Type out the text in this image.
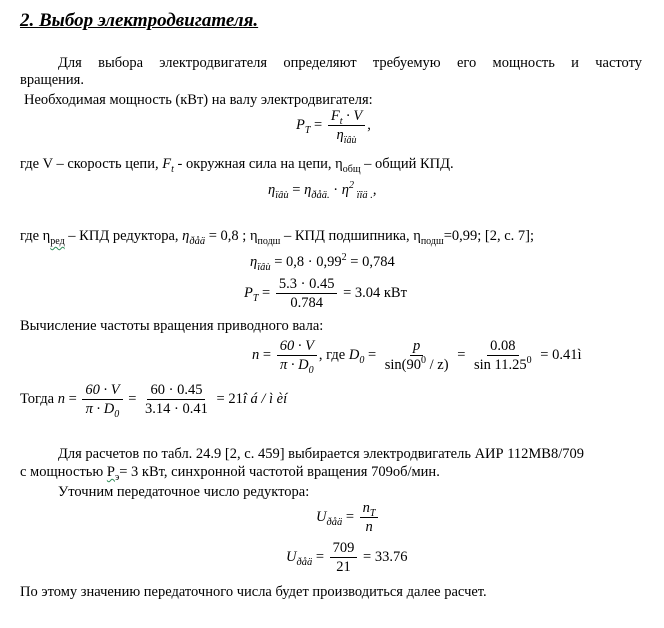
2. Выбор электродвигателя.
Для выбора электродвигателя определяют требуемую его мощность и частоту
вращения.
Необходимая мощность (кВт) на валу электродвигателя:
$P_Т = \frac{F_t \cdot V}{\eta_{ïâù}}$ ,
где V – скорость цепи, $F_t$ - окружная сила на цепи, $\eta_{общ}$ – общий КПД.
$\eta_{ïâù} = \eta_{ðåä.} \cdot \eta^2$ $_{ïîä .}$,
где $\eta_{ред}$ – КПД редуктора, $\eta_{ðåä} = 0,8$ ; $\eta_{подш}$ – КПД подшипника, $\eta_{подш}=0,99$; [2, с. 7];
$\eta_{ïâù} = 0,8 \cdot 0,99^2 = 0,784$
$P_Т = \frac{5.3 \cdot 0.45}{0.784} = 3.04$ кВт
Вычисление частоты вращения приводного вала:
$n = \frac{60 \cdot V}{\pi \cdot D_0}$ , где $D_0 = \frac{p}{\sin(90^0 / z)} = \frac{0.08}{\sin 11.25^0}$ = 0.41ì
Тогда $n = \frac{60 \cdot V}{\pi \cdot D_0} = \frac{60 \cdot 0.45}{3.14 \cdot 0.41}$ = 21î á / ì èí
Для расчетов по табл. 24.9 [2, с. 459] выбирается электродвигатель АИР 112MB8/709
с мощностью $Р_э= 3$ кВт, синхронной частотой вращения 709об/мин.
Уточним передаточное число редуктора:
$U_{ðåä} = \frac{n_Т}{n}$
$U_{ðåä} = \frac{709}{21} = 33.76$
По этому значению передаточного числа будет производиться далее расчет.
